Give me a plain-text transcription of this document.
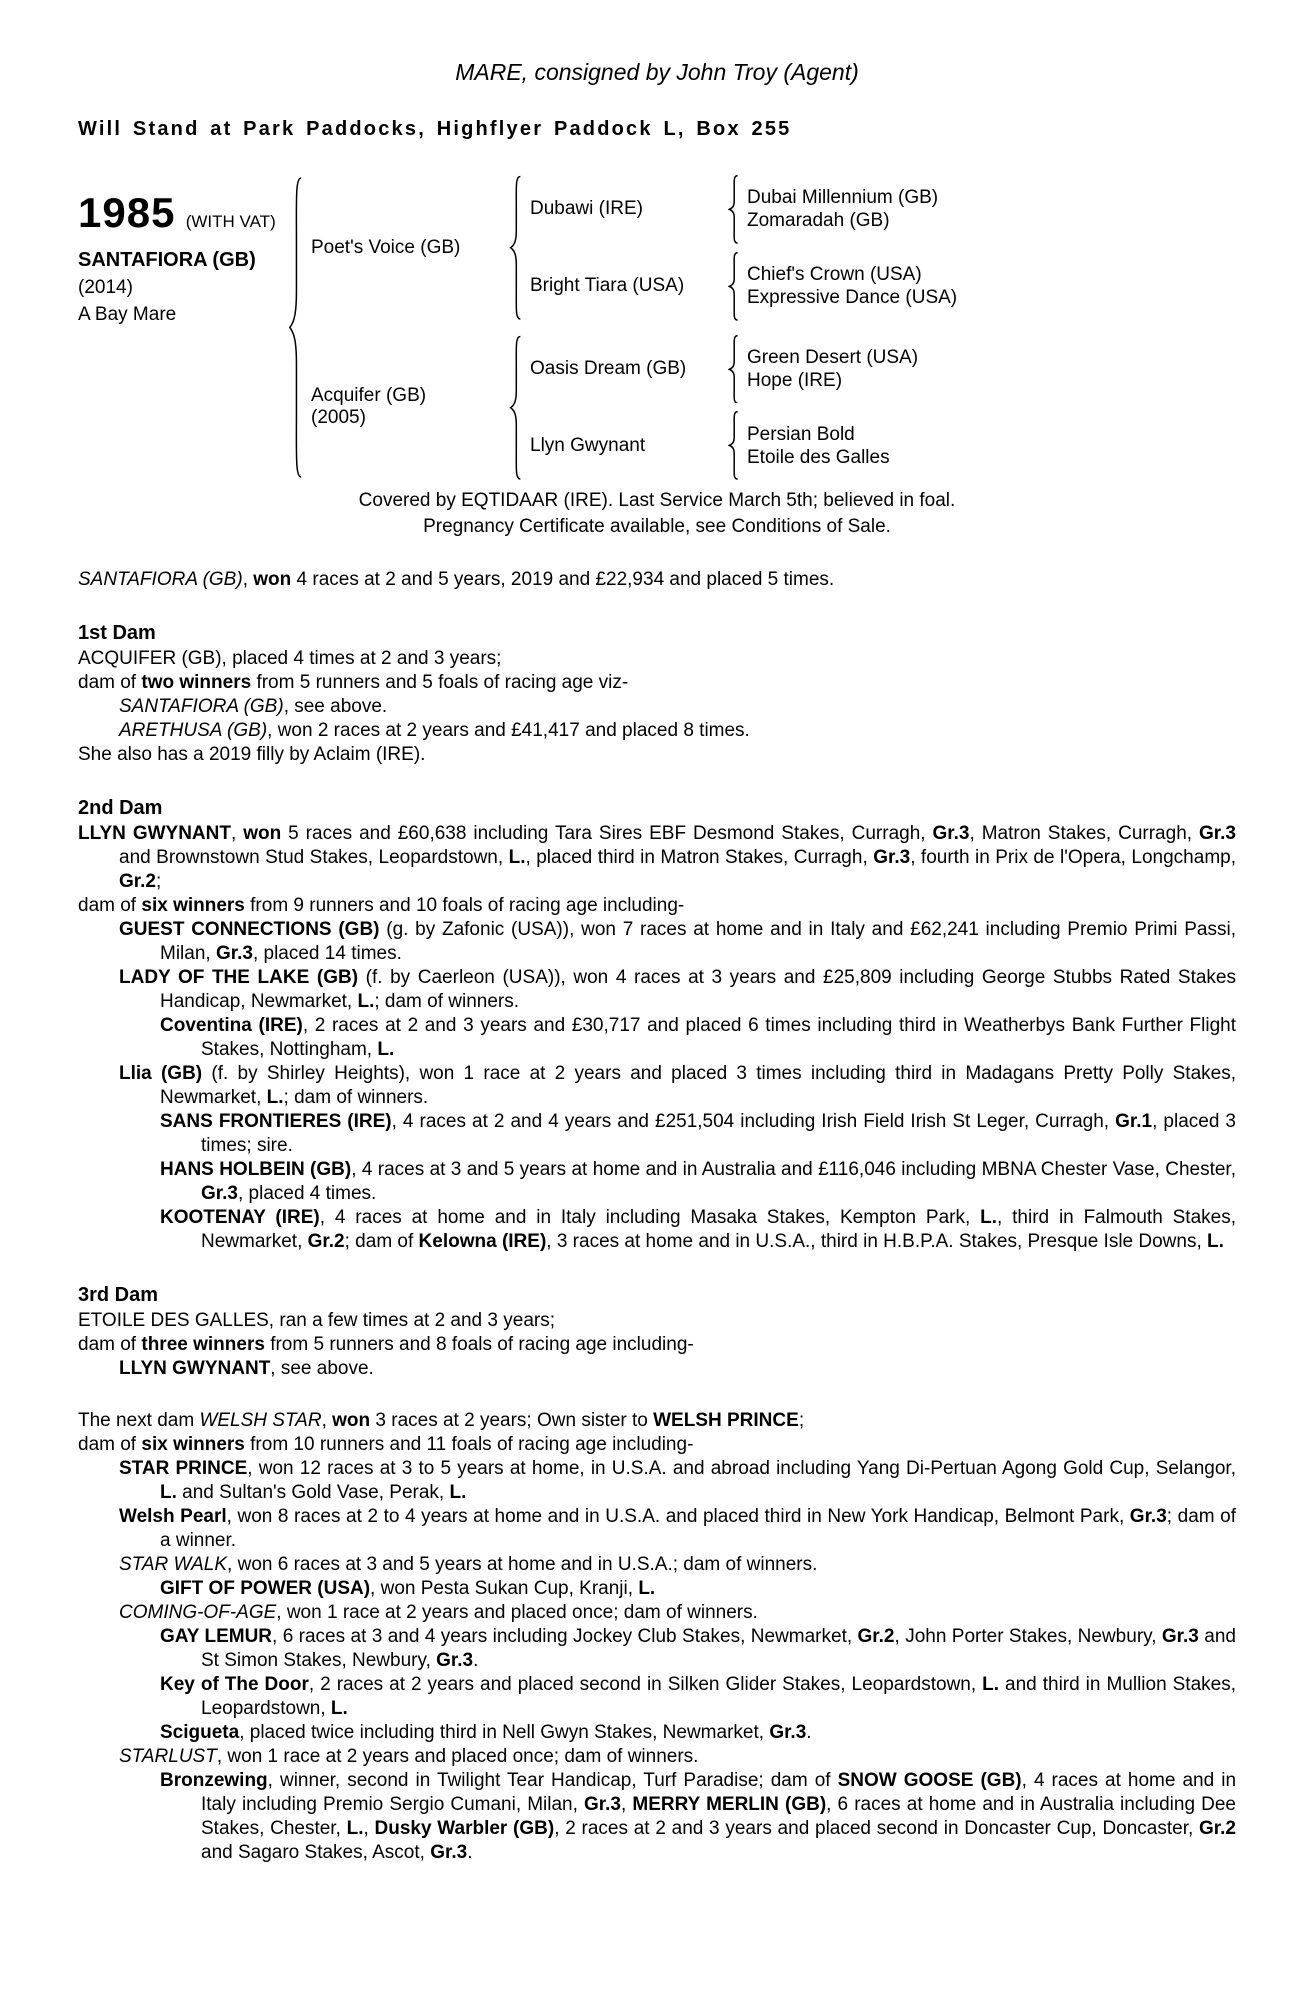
MARE, consigned by John Troy (Agent)
Will Stand at Park Paddocks, Highflyer Paddock L, Box 255
1985 (WITH VAT)
SANTAFIORA (GB)
(2014)
A Bay Mare
Poet's Voice (GB)
Dubawi (IRE)
Dubai Millennium (GB)
Zomaradah (GB)
Bright Tiara (USA)
Chief's Crown (USA)
Expressive Dance (USA)
Acquifer (GB)
(2005)
Oasis Dream (GB)
Green Desert (USA)
Hope (IRE)
Llyn Gwynant
Persian Bold
Etoile des Galles
Covered by EQTIDAAR (IRE). Last Service March 5th; believed in foal.
Pregnancy Certificate available, see Conditions of Sale.

SANTAFIORA (GB), won 4 races at 2 and 5 years, 2019 and £22,934 and placed 5 times.

1st Dam

ACQUIFER (GB), placed 4 times at 2 and 3 years;

dam of two winners from 5 runners and 5 foals of racing age viz-

SANTAFIORA (GB), see above.

ARETHUSA (GB), won 2 races at 2 years and £41,417 and placed 8 times.

She also has a 2019 filly by Aclaim (IRE).

2nd Dam

LLYN GWYNANT, won 5 races and £60,638 including Tara Sires EBF Desmond Stakes, Curragh, Gr.3, Matron Stakes, Curragh, Gr.3 and Brownstown Stud Stakes, Leopardstown, L., placed third in Matron Stakes, Curragh, Gr.3, fourth in Prix de l'Opera, Longchamp, Gr.2;

dam of six winners from 9 runners and 10 foals of racing age including-

GUEST CONNECTIONS (GB) (g. by Zafonic (USA)), won 7 races at home and in Italy and £62,241 including Premio Primi Passi, Milan, Gr.3, placed 14 times.

LADY OF THE LAKE (GB) (f. by Caerleon (USA)), won 4 races at 3 years and £25,809 including George Stubbs Rated Stakes Handicap, Newmarket, L.; dam of winners.

Coventina (IRE), 2 races at 2 and 3 years and £30,717 and placed 6 times including third in Weatherbys Bank Further Flight Stakes, Nottingham, L.

Llia (GB) (f. by Shirley Heights), won 1 race at 2 years and placed 3 times including third in Madagans Pretty Polly Stakes, Newmarket, L.; dam of winners.

SANS FRONTIERES (IRE), 4 races at 2 and 4 years and £251,504 including Irish Field Irish St Leger, Curragh, Gr.1, placed 3 times; sire.

HANS HOLBEIN (GB), 4 races at 3 and 5 years at home and in Australia and £116,046 including MBNA Chester Vase, Chester, Gr.3, placed 4 times.

KOOTENAY (IRE), 4 races at home and in Italy including Masaka Stakes, Kempton Park, L., third in Falmouth Stakes, Newmarket, Gr.2; dam of Kelowna (IRE), 3 races at home and in U.S.A., third in H.B.P.A. Stakes, Presque Isle Downs, L.

3rd Dam

ETOILE DES GALLES, ran a few times at 2 and 3 years;

dam of three winners from 5 runners and 8 foals of racing age including-

LLYN GWYNANT, see above.

The next dam WELSH STAR, won 3 races at 2 years; Own sister to WELSH PRINCE;

dam of six winners from 10 runners and 11 foals of racing age including-

STAR PRINCE, won 12 races at 3 to 5 years at home, in U.S.A. and abroad including Yang Di-Pertuan Agong Gold Cup, Selangor, L. and Sultan's Gold Vase, Perak, L.

Welsh Pearl, won 8 races at 2 to 4 years at home and in U.S.A. and placed third in New York Handicap, Belmont Park, Gr.3; dam of a winner.

STAR WALK, won 6 races at 3 and 5 years at home and in U.S.A.; dam of winners.

GIFT OF POWER (USA), won Pesta Sukan Cup, Kranji, L.

COMING-OF-AGE, won 1 race at 2 years and placed once; dam of winners.

GAY LEMUR, 6 races at 3 and 4 years including Jockey Club Stakes, Newmarket, Gr.2, John Porter Stakes, Newbury, Gr.3 and St Simon Stakes, Newbury, Gr.3.

Key of The Door, 2 races at 2 years and placed second in Silken Glider Stakes, Leopardstown, L. and third in Mullion Stakes, Leopardstown, L.

Scigueta, placed twice including third in Nell Gwyn Stakes, Newmarket, Gr.3.

STARLUST, won 1 race at 2 years and placed once; dam of winners.

Bronzewing, winner, second in Twilight Tear Handicap, Turf Paradise; dam of SNOW GOOSE (GB), 4 races at home and in Italy including Premio Sergio Cumani, Milan, Gr.3, MERRY MERLIN (GB), 6 races at home and in Australia including Dee Stakes, Chester, L., Dusky Warbler (GB), 2 races at 2 and 3 years and placed second in Doncaster Cup, Doncaster, Gr.2 and Sagaro Stakes, Ascot, Gr.3.
